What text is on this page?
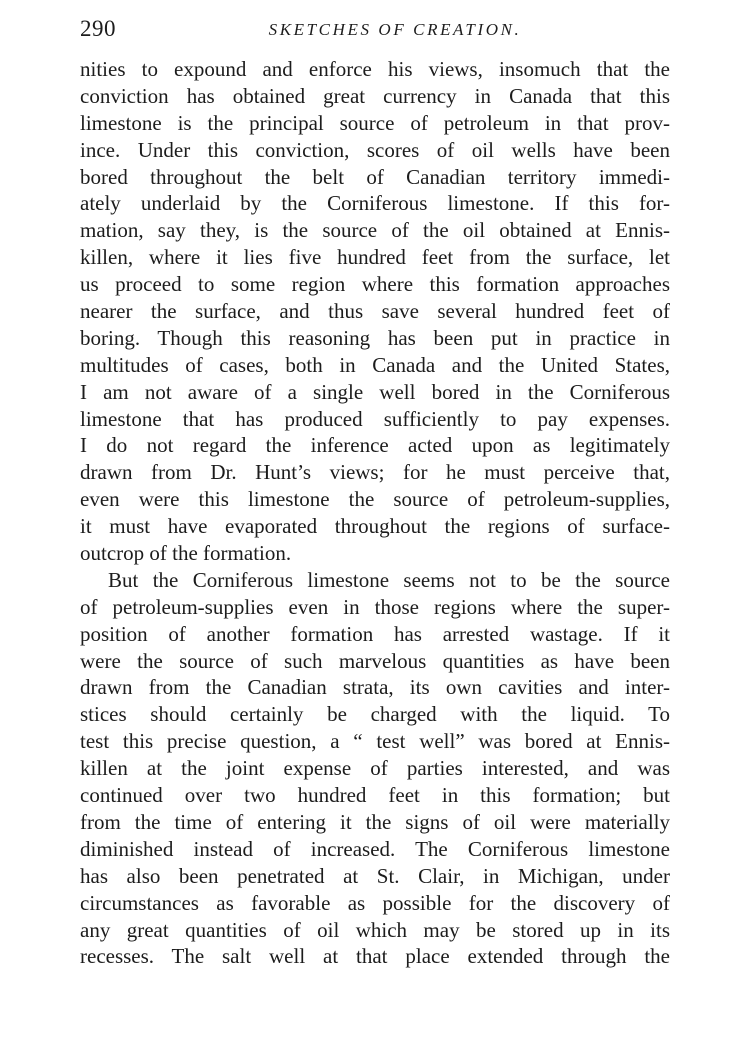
290	SKETCHES OF CREATION.
nities to expound and enforce his views, insomuch that the
conviction has obtained great currency in Canada that this
limestone is the principal source of petroleum in that prov-
ince. Under this conviction, scores of oil wells have been
bored throughout the belt of Canadian territory immedi-
ately underlaid by the Corniferous limestone. If this for-
mation, say they, is the source of the oil obtained at Ennis-
killen, where it lies five hundred feet from the surface, let
us proceed to some region where this formation approaches
nearer the surface, and thus save several hundred feet of
boring. Though this reasoning has been put in practice in
multitudes of cases, both in Canada and the United States,
I am not aware of a single well bored in the Corniferous
limestone that has produced sufficiently to pay expenses.
I do not regard the inference acted upon as legitimately
drawn from Dr. Hunt’s views; for he must perceive that,
even were this limestone the source of petroleum-supplies,
it must have evaporated throughout the regions of surface-
outcrop of the formation.
But the Corniferous limestone seems not to be the source
of petroleum-supplies even in those regions where the super-
position of another formation has arrested wastage. If it
were the source of such marvelous quantities as have been
drawn from the Canadian strata, its own cavities and inter-
stices should certainly be charged with the liquid. To
test this precise question, a “ test well” was bored at Ennis-
killen at the joint expense of parties interested, and was
continued over two hundred feet in this formation; but
from the time of entering it the signs of oil were materially
diminished instead of increased. The Corniferous limestone
has also been penetrated at St. Clair, in Michigan, under
circumstances as favorable as possible for the discovery of
any great quantities of oil which may be stored up in its
recesses. The salt well at that place extended through the
